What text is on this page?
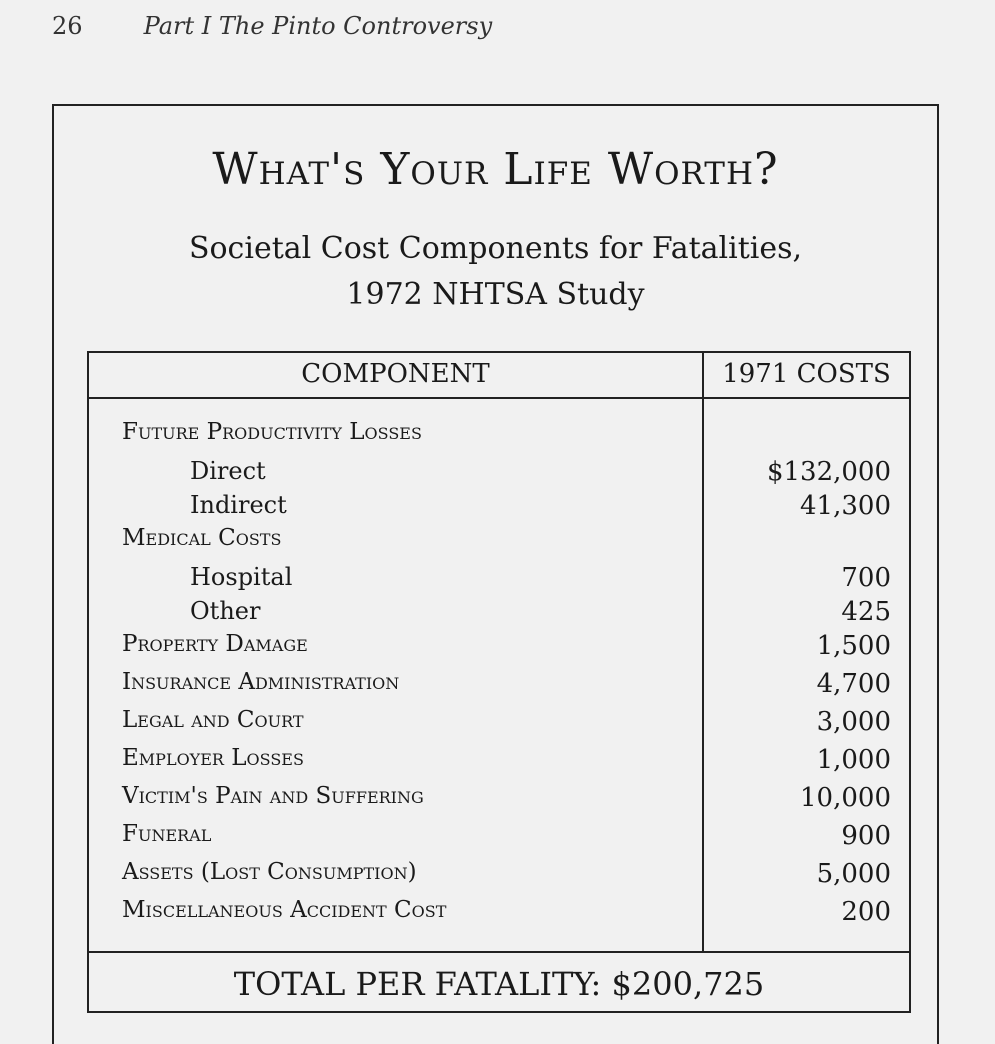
26	Part I The Pinto Controversy
What's Your Life Worth?
Societal Cost Components for Fatalities,
1972 NHTSA Study
COMPONENT	1971 COSTS
Future Productivity Losses
Direct	$132,000
Indirect	41,300
Medical Costs
Hospital	700
Other	425
Property Damage	1,500
Insurance Administration	4,700
Legal and Court	3,000
Employer Losses	1,000
Victim's Pain and Suffering	10,000
Funeral	900
Assets (Lost Consumption)	5,000
Miscellaneous Accident Cost	200
TOTAL PER FATALITY: $200,725
